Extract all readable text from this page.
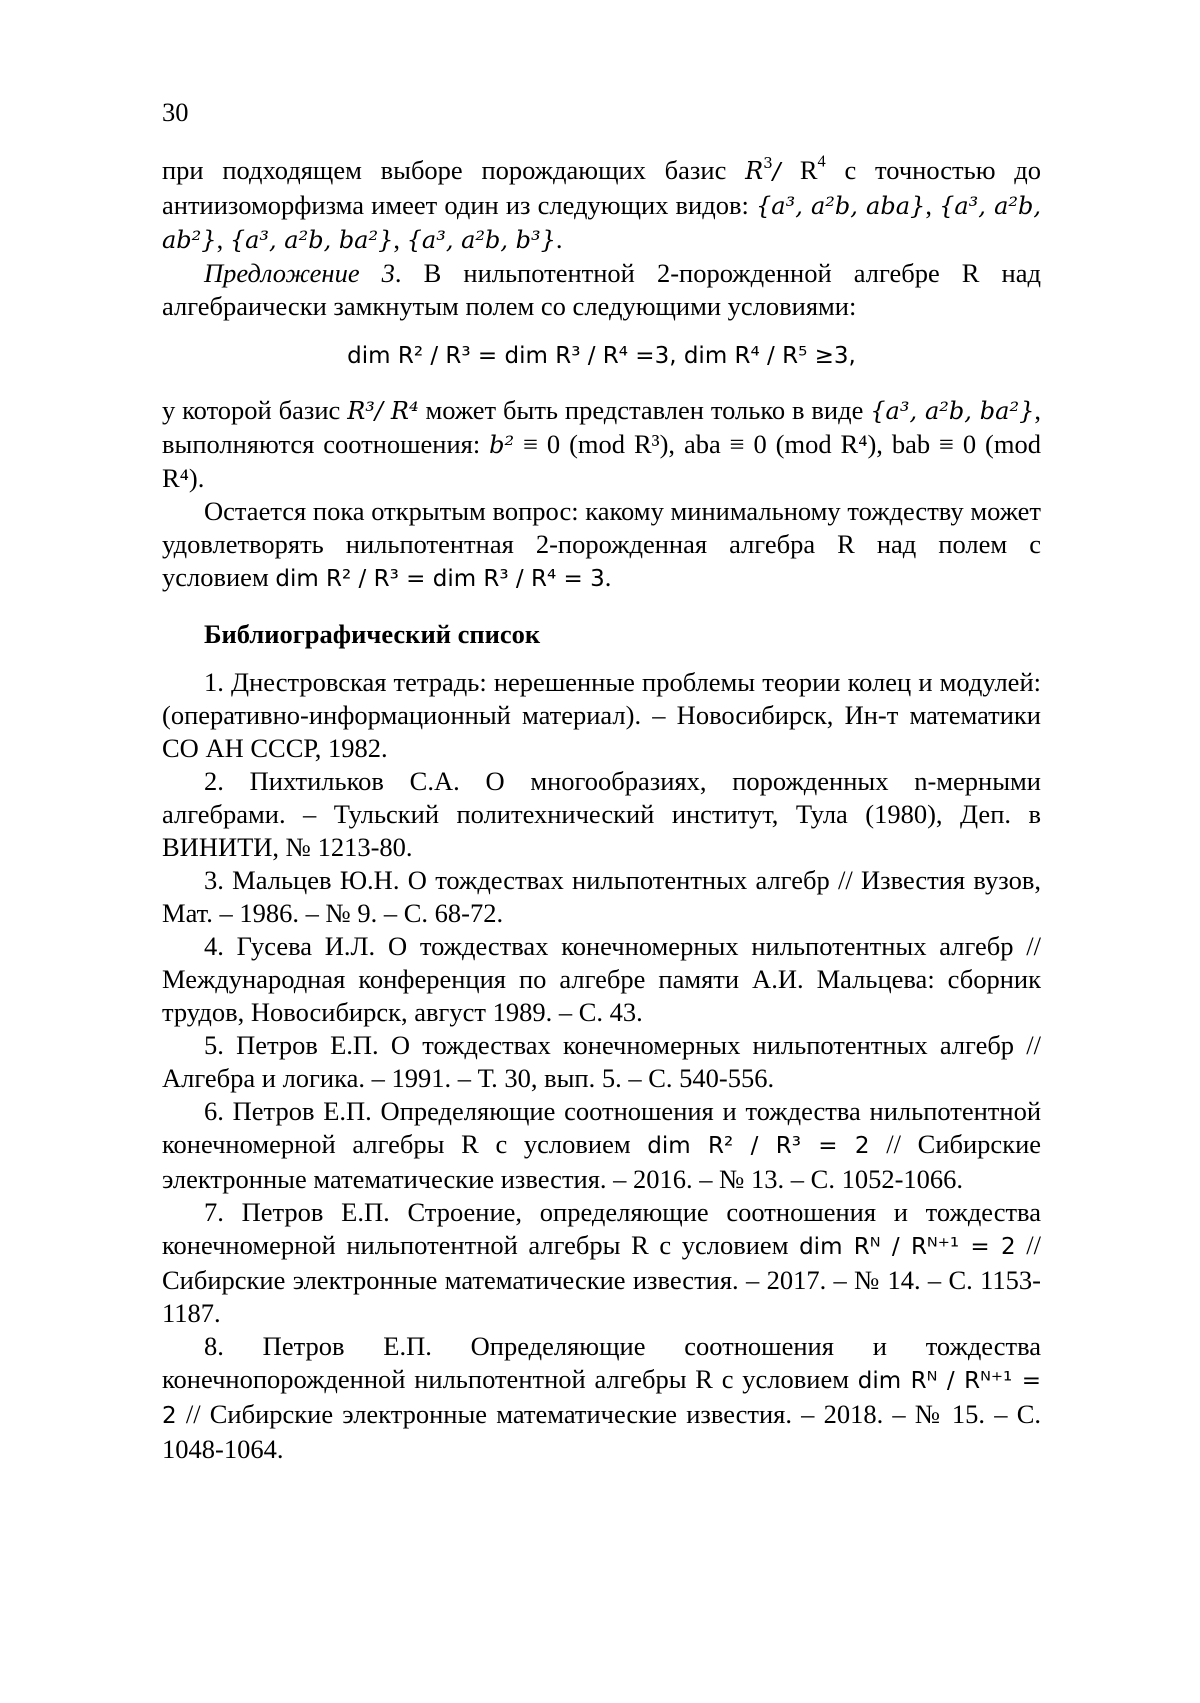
30

при подходящем выборе порождающих базис R3/ R4 с точностью до антиизоморфизма имеет один из следующих видов: {a³, a²b, aba}, {a³, a²b, ab²}, {a³, a²b, ba²}, {a³, a²b, b³}.

Предложение 3. В нильпотентной 2-порожденной алгебре R над алгебраически замкнутым полем со следующими условиями:

dim R² / R³ = dim R³ / R⁴ =3, dim R⁴ / R⁵ ≥3,

у которой базис R³/ R⁴ может быть представлен только в виде {a³, a²b, ba²}, выполняются соотношения: b² ≡ 0 (mod R³), aba ≡ 0 (mod R⁴), bab ≡ 0 (mod R⁴).

Остается пока открытым вопрос: какому минимальному тождеству может удовлетворять нильпотентная 2-порожденная алгебра R над полем с условием dim R² / R³ = dim R³ / R⁴ = 3.

Библиографический список

1. Днестровская тетрадь: нерешенные проблемы теории колец и модулей: (оперативно-информационный материал). – Новосибирск, Ин-т математики СО АН СССР, 1982.

2. Пихтильков С.А. О многообразиях, порожденных n-мерными алгебрами. – Тульский политехнический институт, Тула (1980), Деп. в ВИНИТИ, № 1213-80.

3. Мальцев Ю.Н. О тождествах нильпотентных алгебр // Известия вузов, Мат. – 1986. – № 9. – С. 68-72.

4. Гусева И.Л. О тождествах конечномерных нильпотентных алгебр // Международная конференция по алгебре памяти А.И. Мальцева: сборник трудов, Новосибирск, август 1989. – С. 43.

5. Петров Е.П. О тождествах конечномерных нильпотентных алгебр // Алгебра и логика. – 1991. – Т. 30, вып. 5. – С. 540-556.

6. Петров Е.П. Определяющие соотношения и тождества нильпотентной конечномерной алгебры R с условием dim R² / R³ = 2 // Сибирские электронные математические известия. – 2016. – № 13. – С. 1052-1066.

7. Петров Е.П. Строение, определяющие соотношения и тождества конечномерной нильпотентной алгебры R с условием dim Rᴺ / Rᴺ⁺¹ = 2 // Сибирские электронные математические известия. – 2017. – № 14. – С. 1153-1187.

8. Петров Е.П. Определяющие соотношения и тождества конечнопорожденной нильпотентной алгебры R с условием dim Rᴺ / Rᴺ⁺¹ = 2 // Сибирские электронные математические известия. – 2018. – № 15. – С. 1048-1064.
